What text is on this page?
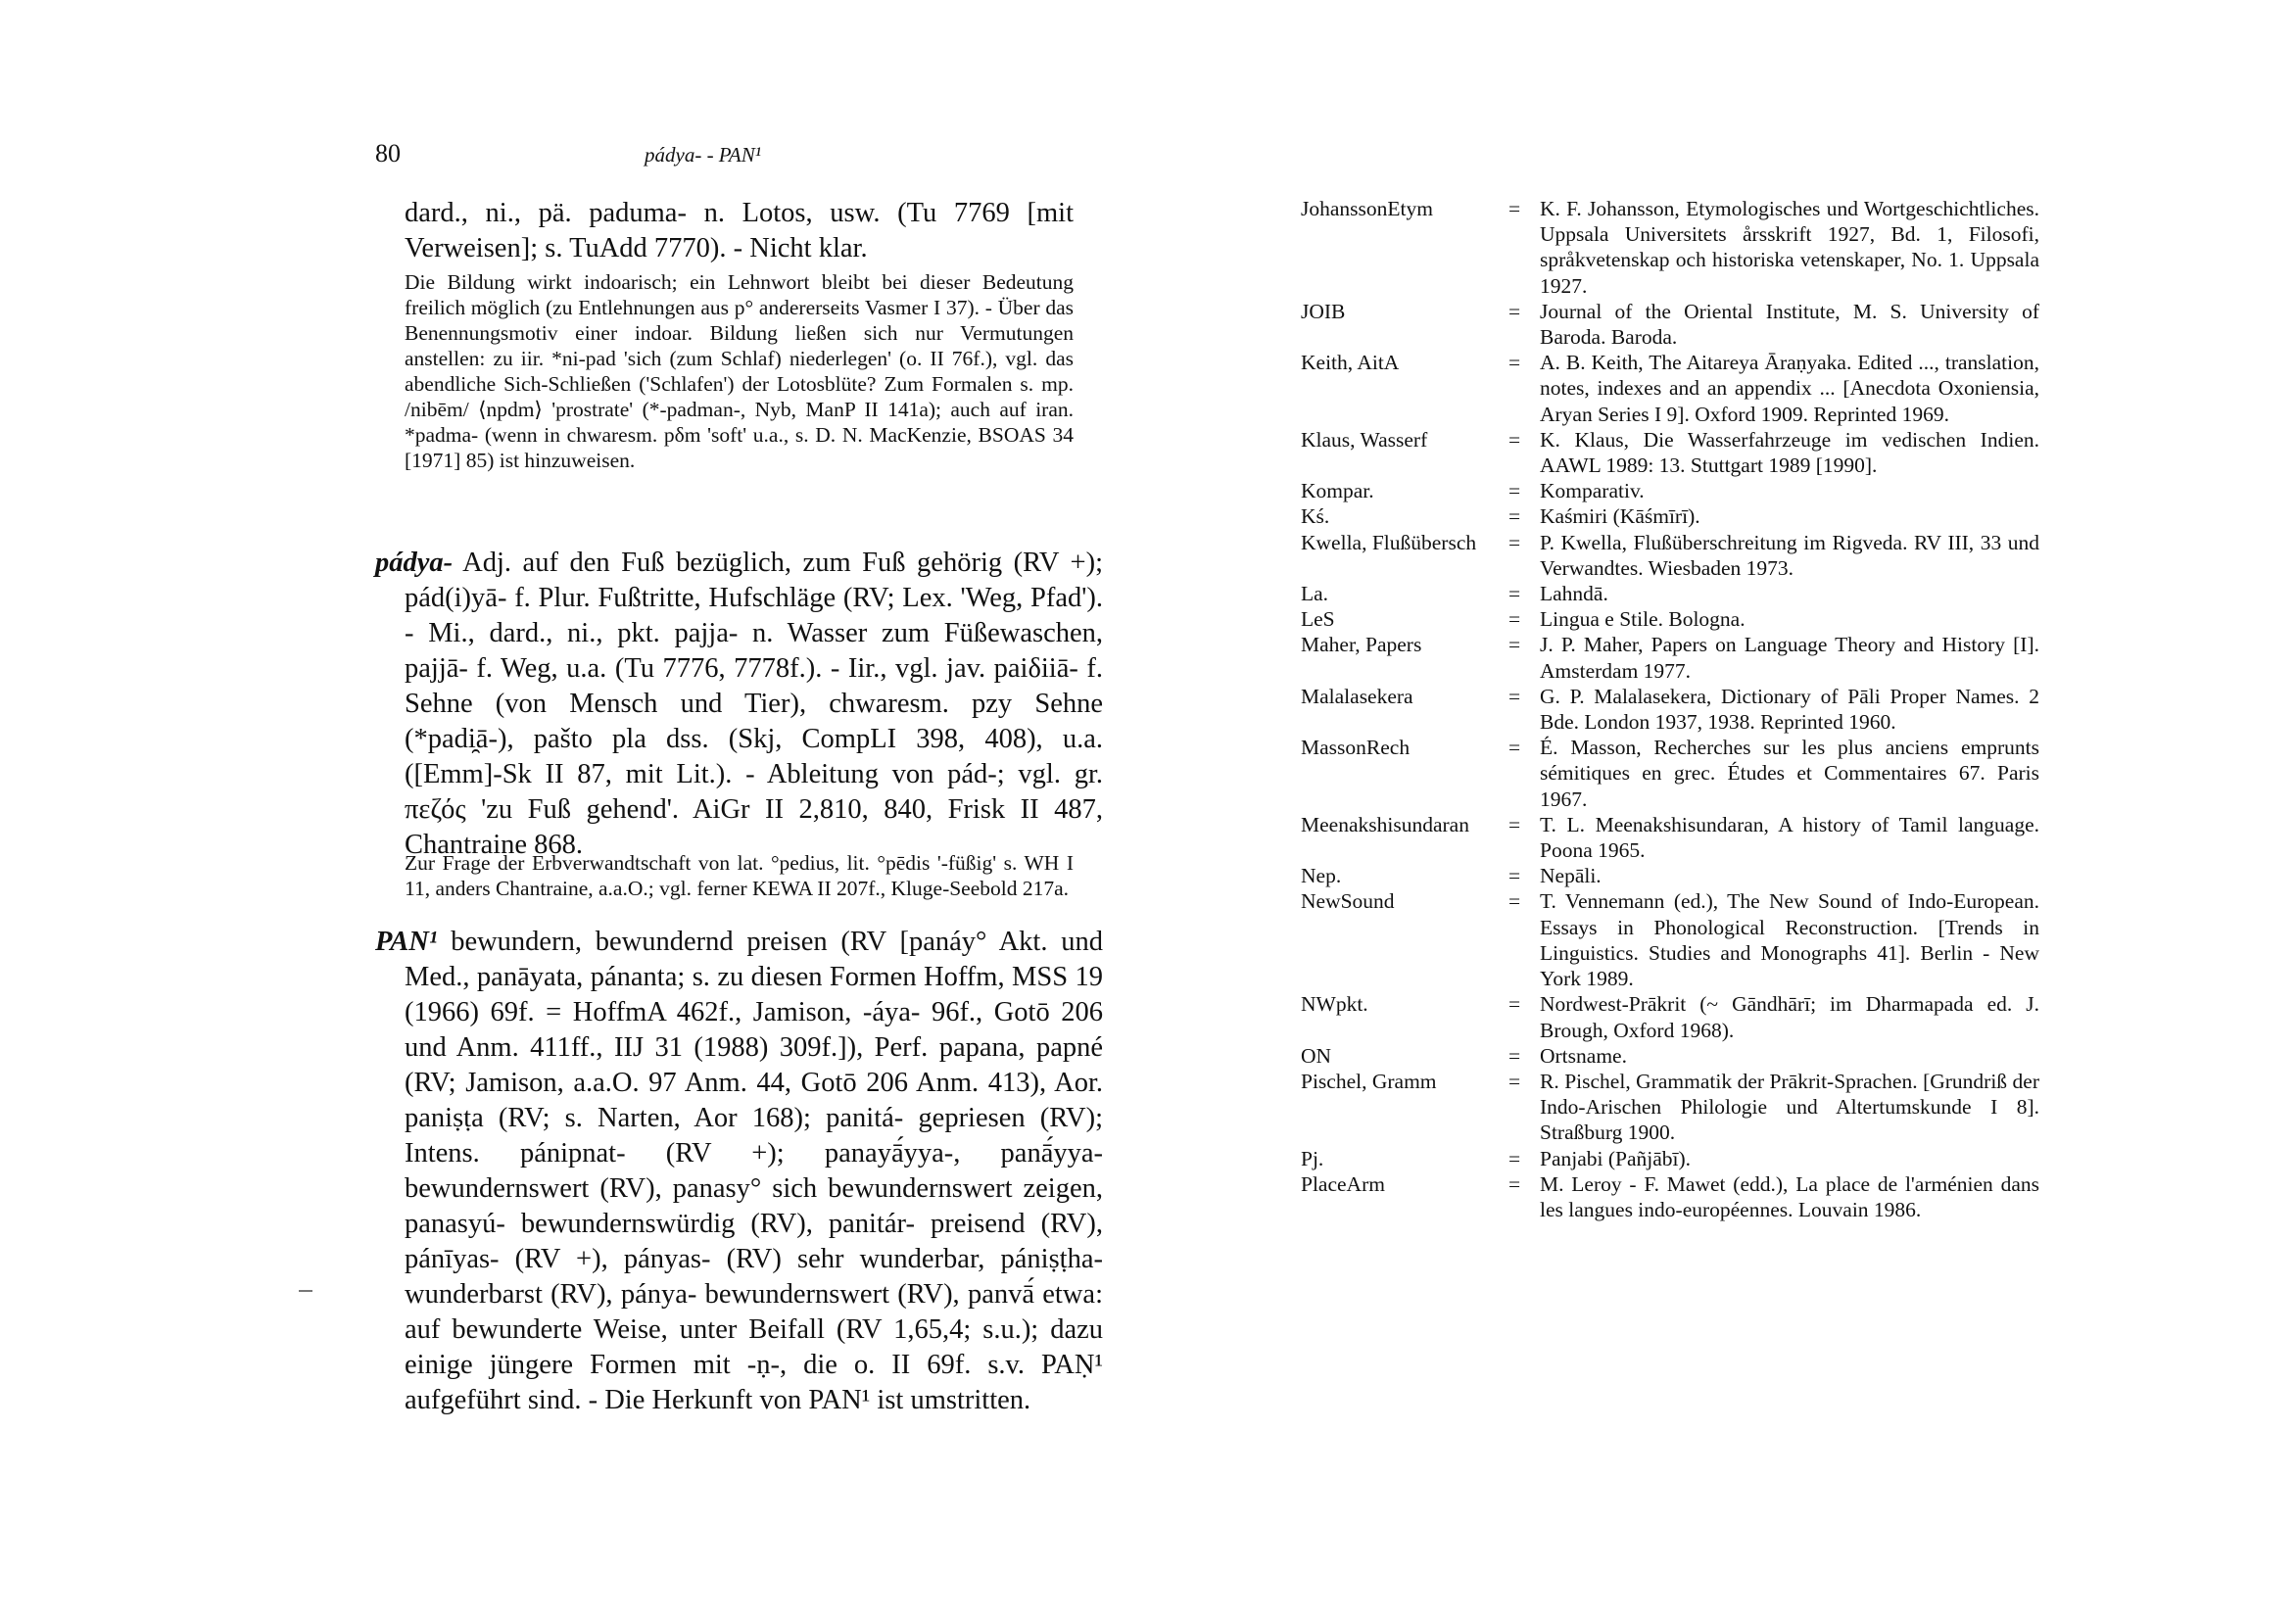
80	pádya- - PAN¹

dard., ni., pä. paduma- n. Lotos, usw. (Tu 7769 [mit Verweisen]; s. TuAdd 7770). - Nicht klar.

Die Bildung wirkt indoarisch; ein Lehnwort bleibt bei dieser Bedeutung freilich möglich (zu Entlehnungen aus p° andererseits Vasmer I 37). - Über das Benennungsmotiv einer indoar. Bildung ließen sich nur Vermutungen anstellen: zu iir. *ni-pad 'sich (zum Schlaf) niederlegen' (o. II 76f.), vgl. das abendliche Sich-Schließen ('Schlafen') der Lotosblüte? Zum Formalen s. mp. /nibēm/ ⟨npdm⟩ 'prostrate' (*-padman-, Nyb, ManP II 141a); auch auf iran. *padma- (wenn in chwaresm. pδm 'soft' u.a., s. D. N. MacKenzie, BSOAS 34 [1971] 85) ist hinzuweisen.

pádya- Adj. auf den Fuß bezüglich, zum Fuß gehörig (RV +); pád(i)yā- f. Plur. Fußtritte, Hufschläge (RV; Lex. 'Weg, Pfad'). - Mi., dard., ni., pkt. pajja- n. Wasser zum Füßewaschen, pajjā- f. Weg, u.a. (Tu 7776, 7778f.). - Iir., vgl. jav. paiδiiā- f. Sehne (von Mensch und Tier), chwaresm. pzy Sehne (*padi̯ā-), pašto pla dss. (Skj, CompLI 398, 408), u.a. ([Emm]-Sk II 87, mit Lit.). - Ableitung von pád-; vgl. gr. πεζός 'zu Fuß gehend'. AiGr II 2,810, 840, Frisk II 487, Chantraine 868.

Zur Frage der Erbverwandtschaft von lat. °pedius, lit. °pēdis '-füßig' s. WH I 11, anders Chantraine, a.a.O.; vgl. ferner KEWA II 207f., Kluge-Seebold 217a.

PAN¹ bewundern, bewundernd preisen (RV [panáy° Akt. und Med., panāyata, pánanta; s. zu diesen Formen Hoffm, MSS 19 (1966) 69f. = HoffmA 462f., Jamison, -áya- 96f., Gotō 206 und Anm. 411ff., IIJ 31 (1988) 309f.]), Perf. papana, papné (RV; Jamison, a.a.O. 97 Anm. 44, Gotō 206 Anm. 413), Aor. paniṣṭa (RV; s. Narten, Aor 168); panitá- gepriesen (RV); Intens. pánipnat- (RV +); panayā́yya-, panā́yya- bewundernswert (RV), panasy° sich bewundernswert zeigen, panasyú- bewundernswürdig (RV), panitár- preisend (RV), pánīyas- (RV +), pányas- (RV) sehr wunderbar, pániṣṭha- wunderbarst (RV), pánya- bewundernswert (RV), panvā́ etwa: auf bewunderte Weise, unter Beifall (RV 1,65,4; s.u.); dazu einige jüngere Formen mit -ṇ-, die o. II 69f. s.v. PAṆ¹ aufgeführt sind. - Die Herkunft von PAN¹ ist umstritten.

JohanssonEtym	= K. F. Johansson, Etymologisches und Wortgeschichtliches. Uppsala Universitets årsskrift 1927, Bd. 1, Filosofi, språkvetenskap och historiska vetenskaper, No. 1. Uppsala 1927.
JOIB	= Journal of the Oriental Institute, M. S. University of Baroda. Baroda.
Keith, AitA	= A. B. Keith, The Aitareya Āraṇyaka. Edited ..., translation, notes, indexes and an appendix ... [Anecdota Oxoniensia, Aryan Series I 9]. Oxford 1909. Reprinted 1969.
Klaus, Wasserf	= K. Klaus, Die Wasserfahrzeuge im vedischen Indien. AAWL 1989: 13. Stuttgart 1989 [1990].
Kompar.	= Komparativ.
Kś.	= Kaśmiri (Kāśmīrī).
Kwella, Flußübersch	= P. Kwella, Flußüberschreitung im Rigveda. RV III, 33 und Verwandtes. Wiesbaden 1973.
La.	= Lahndā.
LeS	= Lingua e Stile. Bologna.
Maher, Papers	= J. P. Maher, Papers on Language Theory and History [I]. Amsterdam 1977.
Malalasekera	= G. P. Malalasekera, Dictionary of Pāli Proper Names. 2 Bde. London 1937, 1938. Reprinted 1960.
MassonRech	= É. Masson, Recherches sur les plus anciens emprunts sémitiques en grec. Études et Commentaires 67. Paris 1967.
Meenakshisundaran	= T. L. Meenakshisundaran, A history of Tamil language. Poona 1965.
Nep.	= Nepāli.
NewSound	= T. Vennemann (ed.), The New Sound of Indo-European. Essays in Phonological Reconstruction. [Trends in Linguistics. Studies and Monographs 41]. Berlin - New York 1989.
NWpkt.	= Nordwest-Prākrit (~ Gāndhārī; im Dharmapada ed. J. Brough, Oxford 1968).
ON	= Ortsname.
Pischel, Gramm	= R. Pischel, Grammatik der Prākrit-Sprachen. [Grundriß der Indo-Arischen Philologie und Altertumskunde I 8]. Straßburg 1900.
Pj.	= Panjabi (Pañjābī).
PlaceArm	= M. Leroy - F. Mawet (edd.), La place de l'arménien dans les langues indo-européennes. Louvain 1986.
